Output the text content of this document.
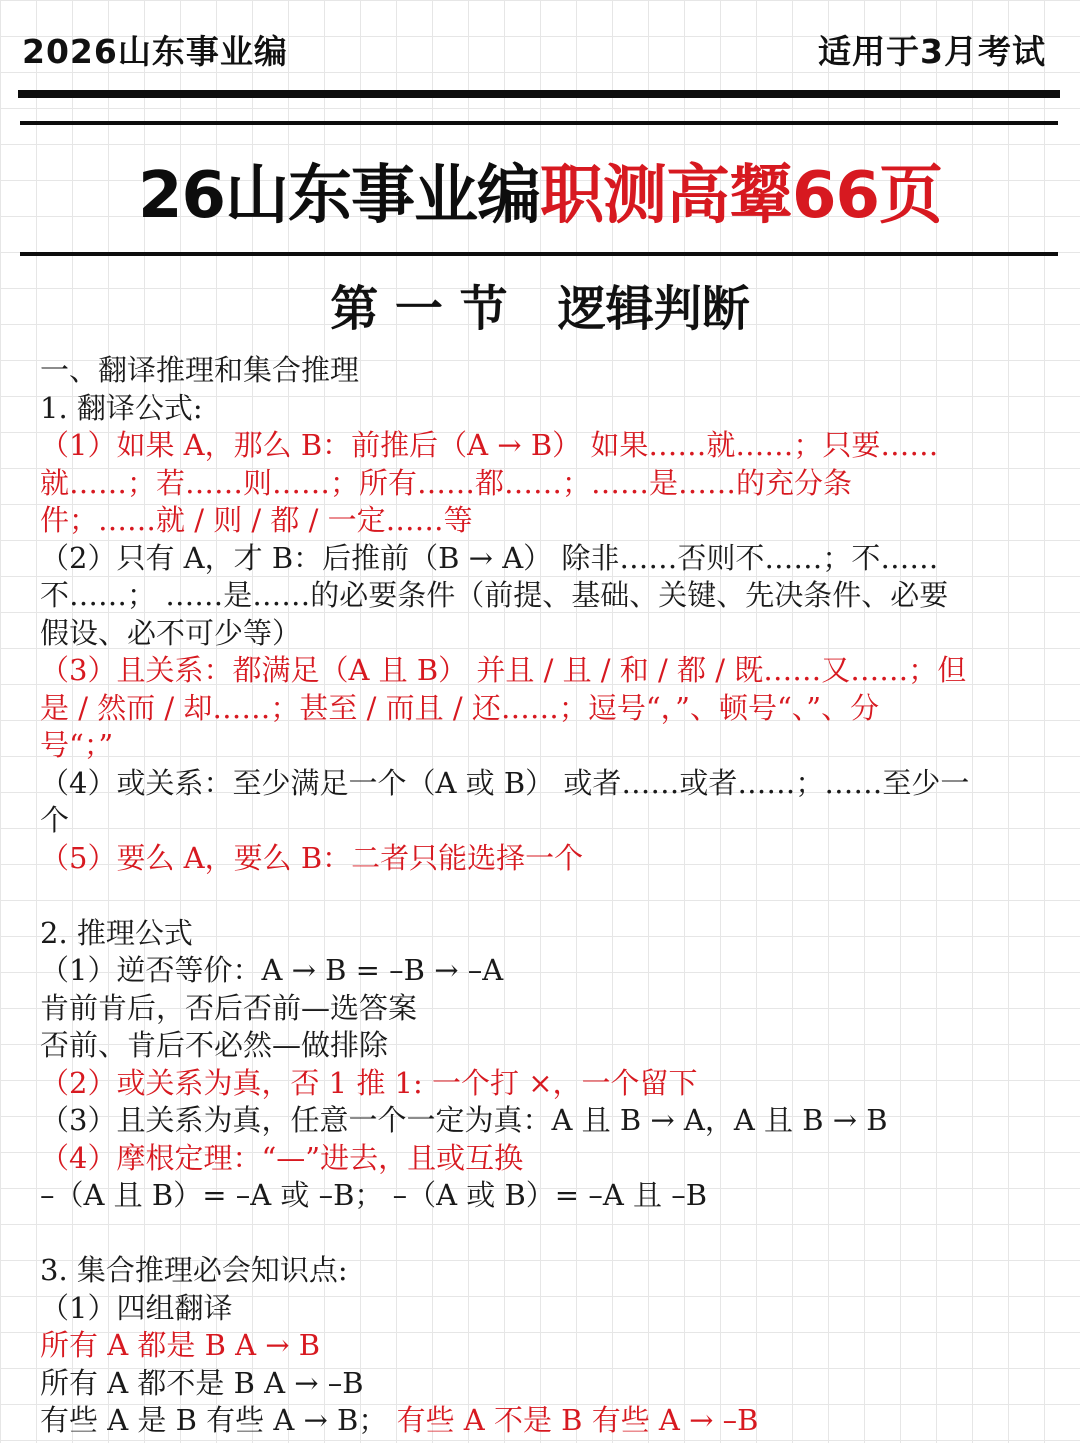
2026山东事业编	适用于3月考试
26山东事业编职测高颦66页
第 一 节   逻辑判断
一、翻译推理和集合推理
1. 翻译公式:
（1）如果 A，那么 B：前推后（A → B） 如果……就……；只要……
就……；若……则……；所有……都……；……是……的充分条
件；……就 / 则 / 都 / 一定……等
（2）只有 A，才 B：后推前（B → A） 除非……否则不……；不……
不……； ……是……的必要条件（前提、基础、关键、先决条件、必要
假设、必不可少等）
（3）且关系：都满足（A 且 B） 并且 / 且 / 和 / 都 / 既……又……；但
是 / 然而 / 却……；甚至 / 而且 / 还……；逗号“，”、顿号“、”、分
号“；”
（4）或关系：至少满足一个（A 或 B） 或者……或者……；……至少一
个
（5）要么 A，要么 B：二者只能选择一个
2. 推理公式
（1）逆否等价：A → B = –B → –A
肯前肯后，否后否前—选答案
否前、肯后不必然—做排除
（2）或关系为真，否 1 推 1: 一个打 ×，一个留下
（3）且关系为真，任意一个一定为真：A 且 B → A，A 且 B → B
（4）摩根定理：“—”进去，且或互换
–（A 且 B）= –A 或 –B； –（A 或 B）= –A 且 –B
3. 集合推理必会知识点:
（1）四组翻译
所有 A 都是 B A → B
所有 A 都不是 B A → –B
有些 A 是 B 有些 A → B； 有些 A 不是 B 有些 A → –B
